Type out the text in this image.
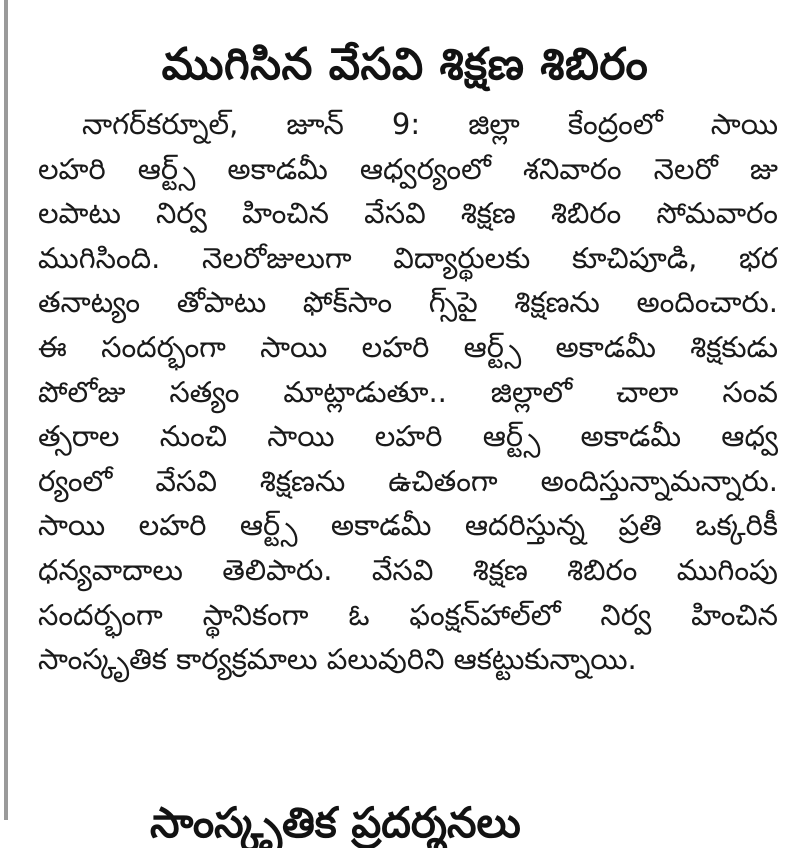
ముగిసిన వేసవి శిక్షణ శిబిరం
నాగర్‌కర్నూల్, జూన్ 9: జిల్లా కేంద్రంలో సాయి
లహరి ఆర్ట్స్ అకాడమీ ఆధ్వర్యంలో శనివారం నెలరో జు
లపాటు నిర్వ హించిన వేసవి శిక్షణ శిబిరం సోమవారం
ముగిసింది. నెలరోజులుగా విద్యార్థులకు కూచిపూడి, భర
తనాట్యం తోపాటు ఫోక్‌సాం గ్స్‌పై శిక్షణను అందించారు.
ఈ సందర్భంగా సాయి లహరి ఆర్ట్స్ అకాడమీ శిక్షకుడు
పోలోజు సత్యం మాట్లాడుతూ.. జిల్లాలో చాలా సంవ
త్సరాల నుంచి సాయి లహరి ఆర్ట్స్ అకాడమీ ఆధ్వ
ర్యంలో వేసవి శిక్షణను ఉచితంగా అందిస్తున్నామన్నారు.
సాయి లహరి ఆర్ట్స్ అకాడమీ ఆదరిస్తున్న ప్రతి ఒక్కరికీ
ధన్యవాదాలు తెలిపారు. వేసవి శిక్షణ శిబిరం ముగింపు
సందర్భంగా స్థానికంగా ఓ ఫంక్షన్‌హాల్‌లో నిర్వ హించిన
సాంస్కృతిక కార్యక్రమాలు పలువురిని ఆకట్టుకున్నాయి.
సాంస్కృతిక ప్రదర్శనలు
